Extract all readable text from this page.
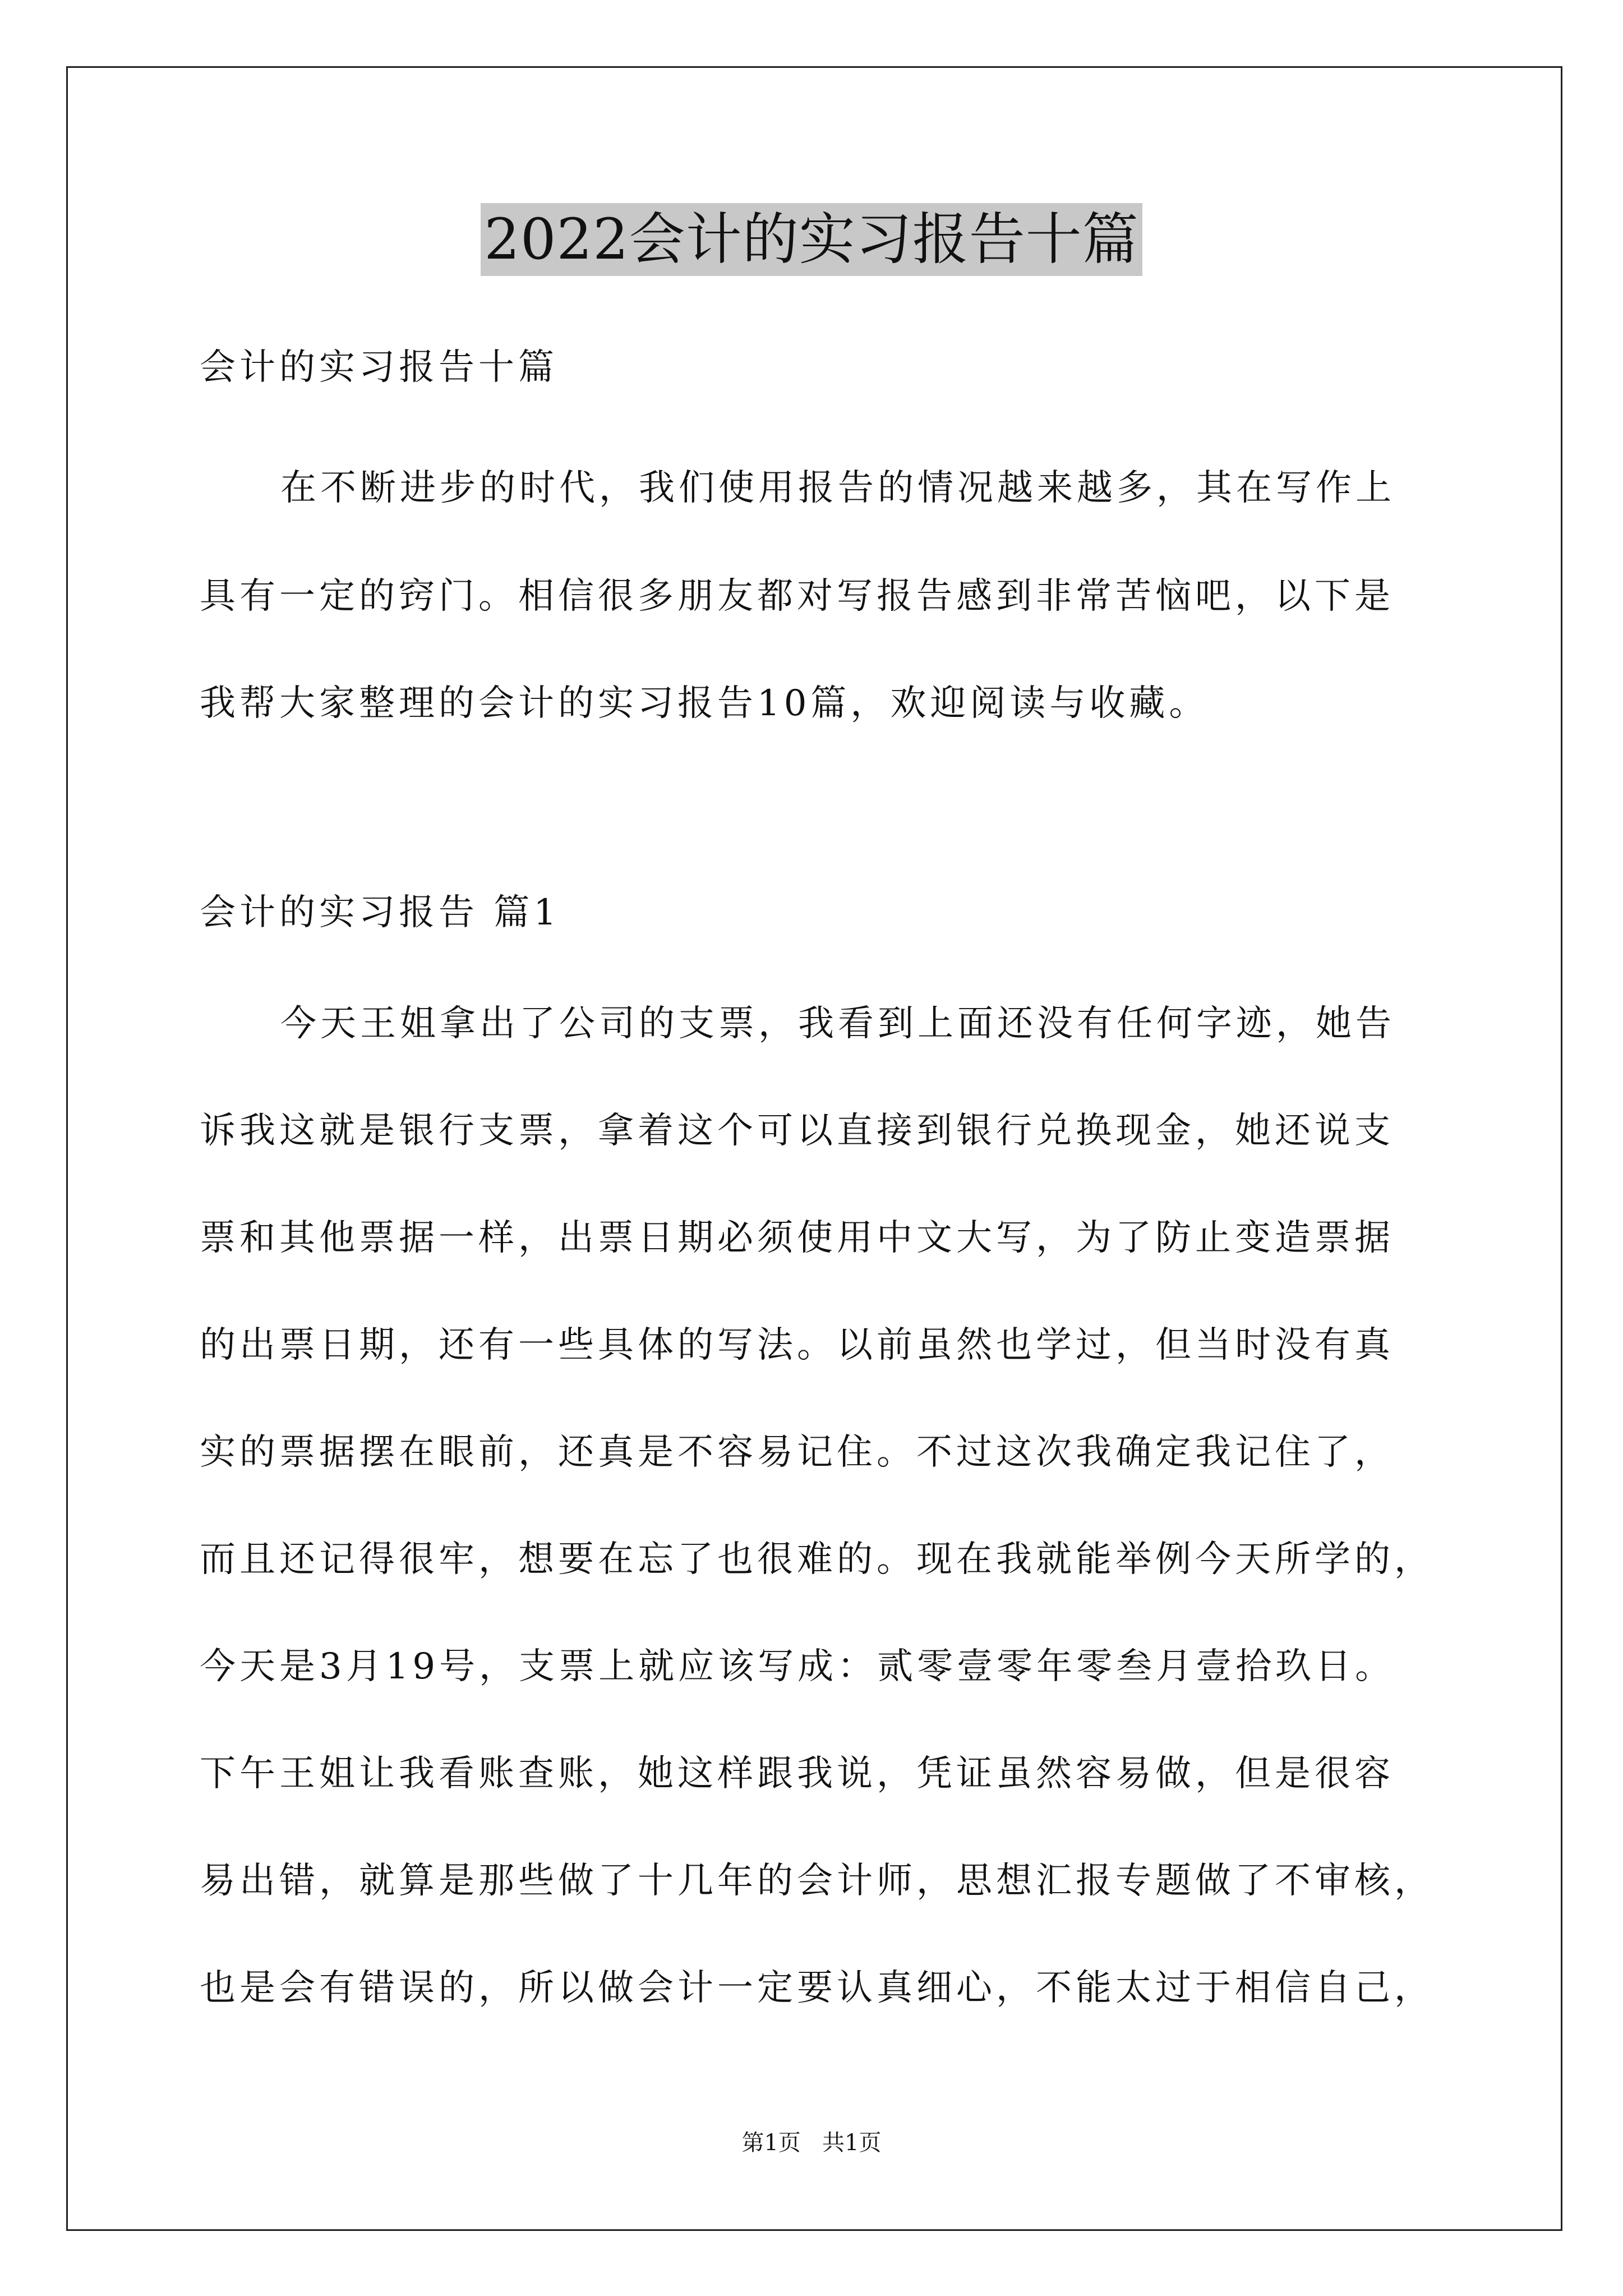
2022会计的实习报告十篇
会计的实习报告十篇
在不断进步的时代，我们使用报告的情况越来越多，其在写作上
具有一定的窍门。相信很多朋友都对写报告感到非常苦恼吧，以下是
我帮大家整理的会计的实习报告10篇，欢迎阅读与收藏。
会计的实习报告 篇1
今天王姐拿出了公司的支票，我看到上面还没有任何字迹，她告
诉我这就是银行支票，拿着这个可以直接到银行兑换现金，她还说支
票和其他票据一样，出票日期必须使用中文大写，为了防止变造票据
的出票日期，还有一些具体的写法。以前虽然也学过，但当时没有真
实的票据摆在眼前，还真是不容易记住。不过这次我确定我记住了，
而且还记得很牢，想要在忘了也很难的。现在我就能举例今天所学的，
今天是3月19号，支票上就应该写成：贰零壹零年零叁月壹拾玖日。
下午王姐让我看账查账，她这样跟我说，凭证虽然容易做，但是很容
易出错，就算是那些做了十几年的会计师，思想汇报专题做了不审核，
也是会有错误的，所以做会计一定要认真细心，不能太过于相信自己，
第1页   共1页
